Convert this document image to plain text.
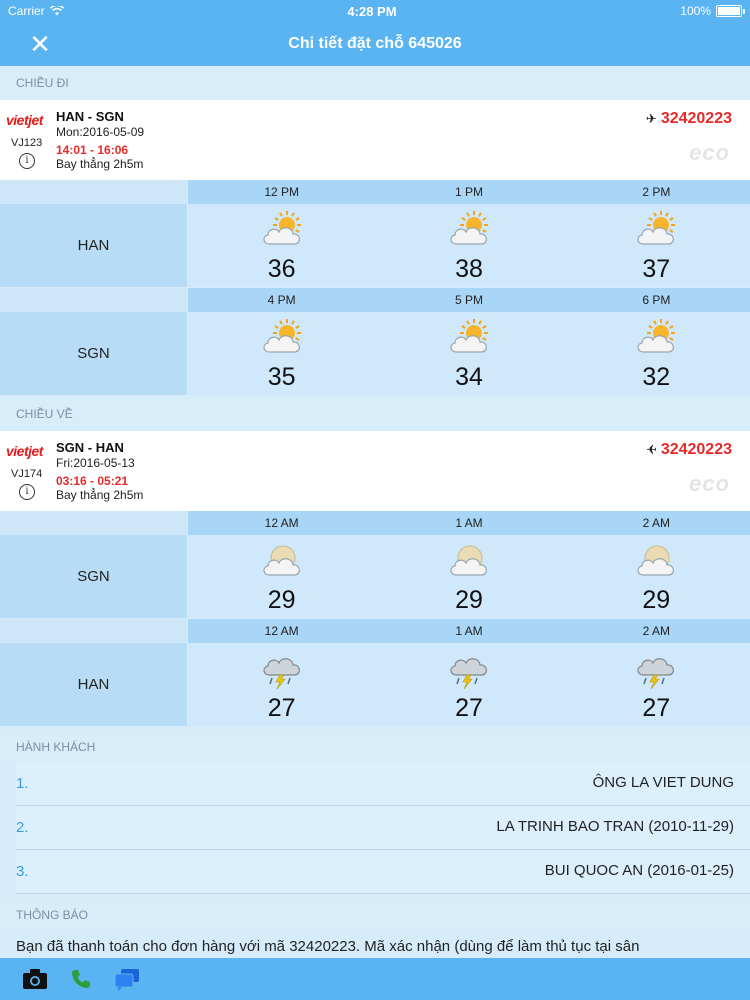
Carrier	4:28 PM	100%
✕	Chi tiết đặt chỗ 645026
CHIỀU ĐI
vietjet
VJ123
i
HAN - SGN
Mon:2016-05-09
14:01 - 16:06
Bay thẳng 2h5m
✈ 32420223
eco
HAN
12 PM	1 PM	2 PM
36	38	37
SGN
4 PM	5 PM	6 PM
35	34	32
CHIỀU VỀ
vietjet
VJ174
i
SGN - HAN
Fri:2016-05-13
03:16 - 05:21
Bay thẳng 2h5m
✈ 32420223
eco
SGN
12 AM	1 AM	2 AM
29	29	29
HAN
12 AM	1 AM	2 AM
27	27	27
HÀNH KHÁCH
1.	ÔNG LA VIET DUNG
2.	LA TRINH BAO TRAN (2010-11-29)
3.	BUI QUOC AN (2016-01-25)
THÔNG BÁO
Bạn đã thanh toán cho đơn hàng với mã 32420223. Mã xác nhận (dùng để làm thủ tục tại sân
